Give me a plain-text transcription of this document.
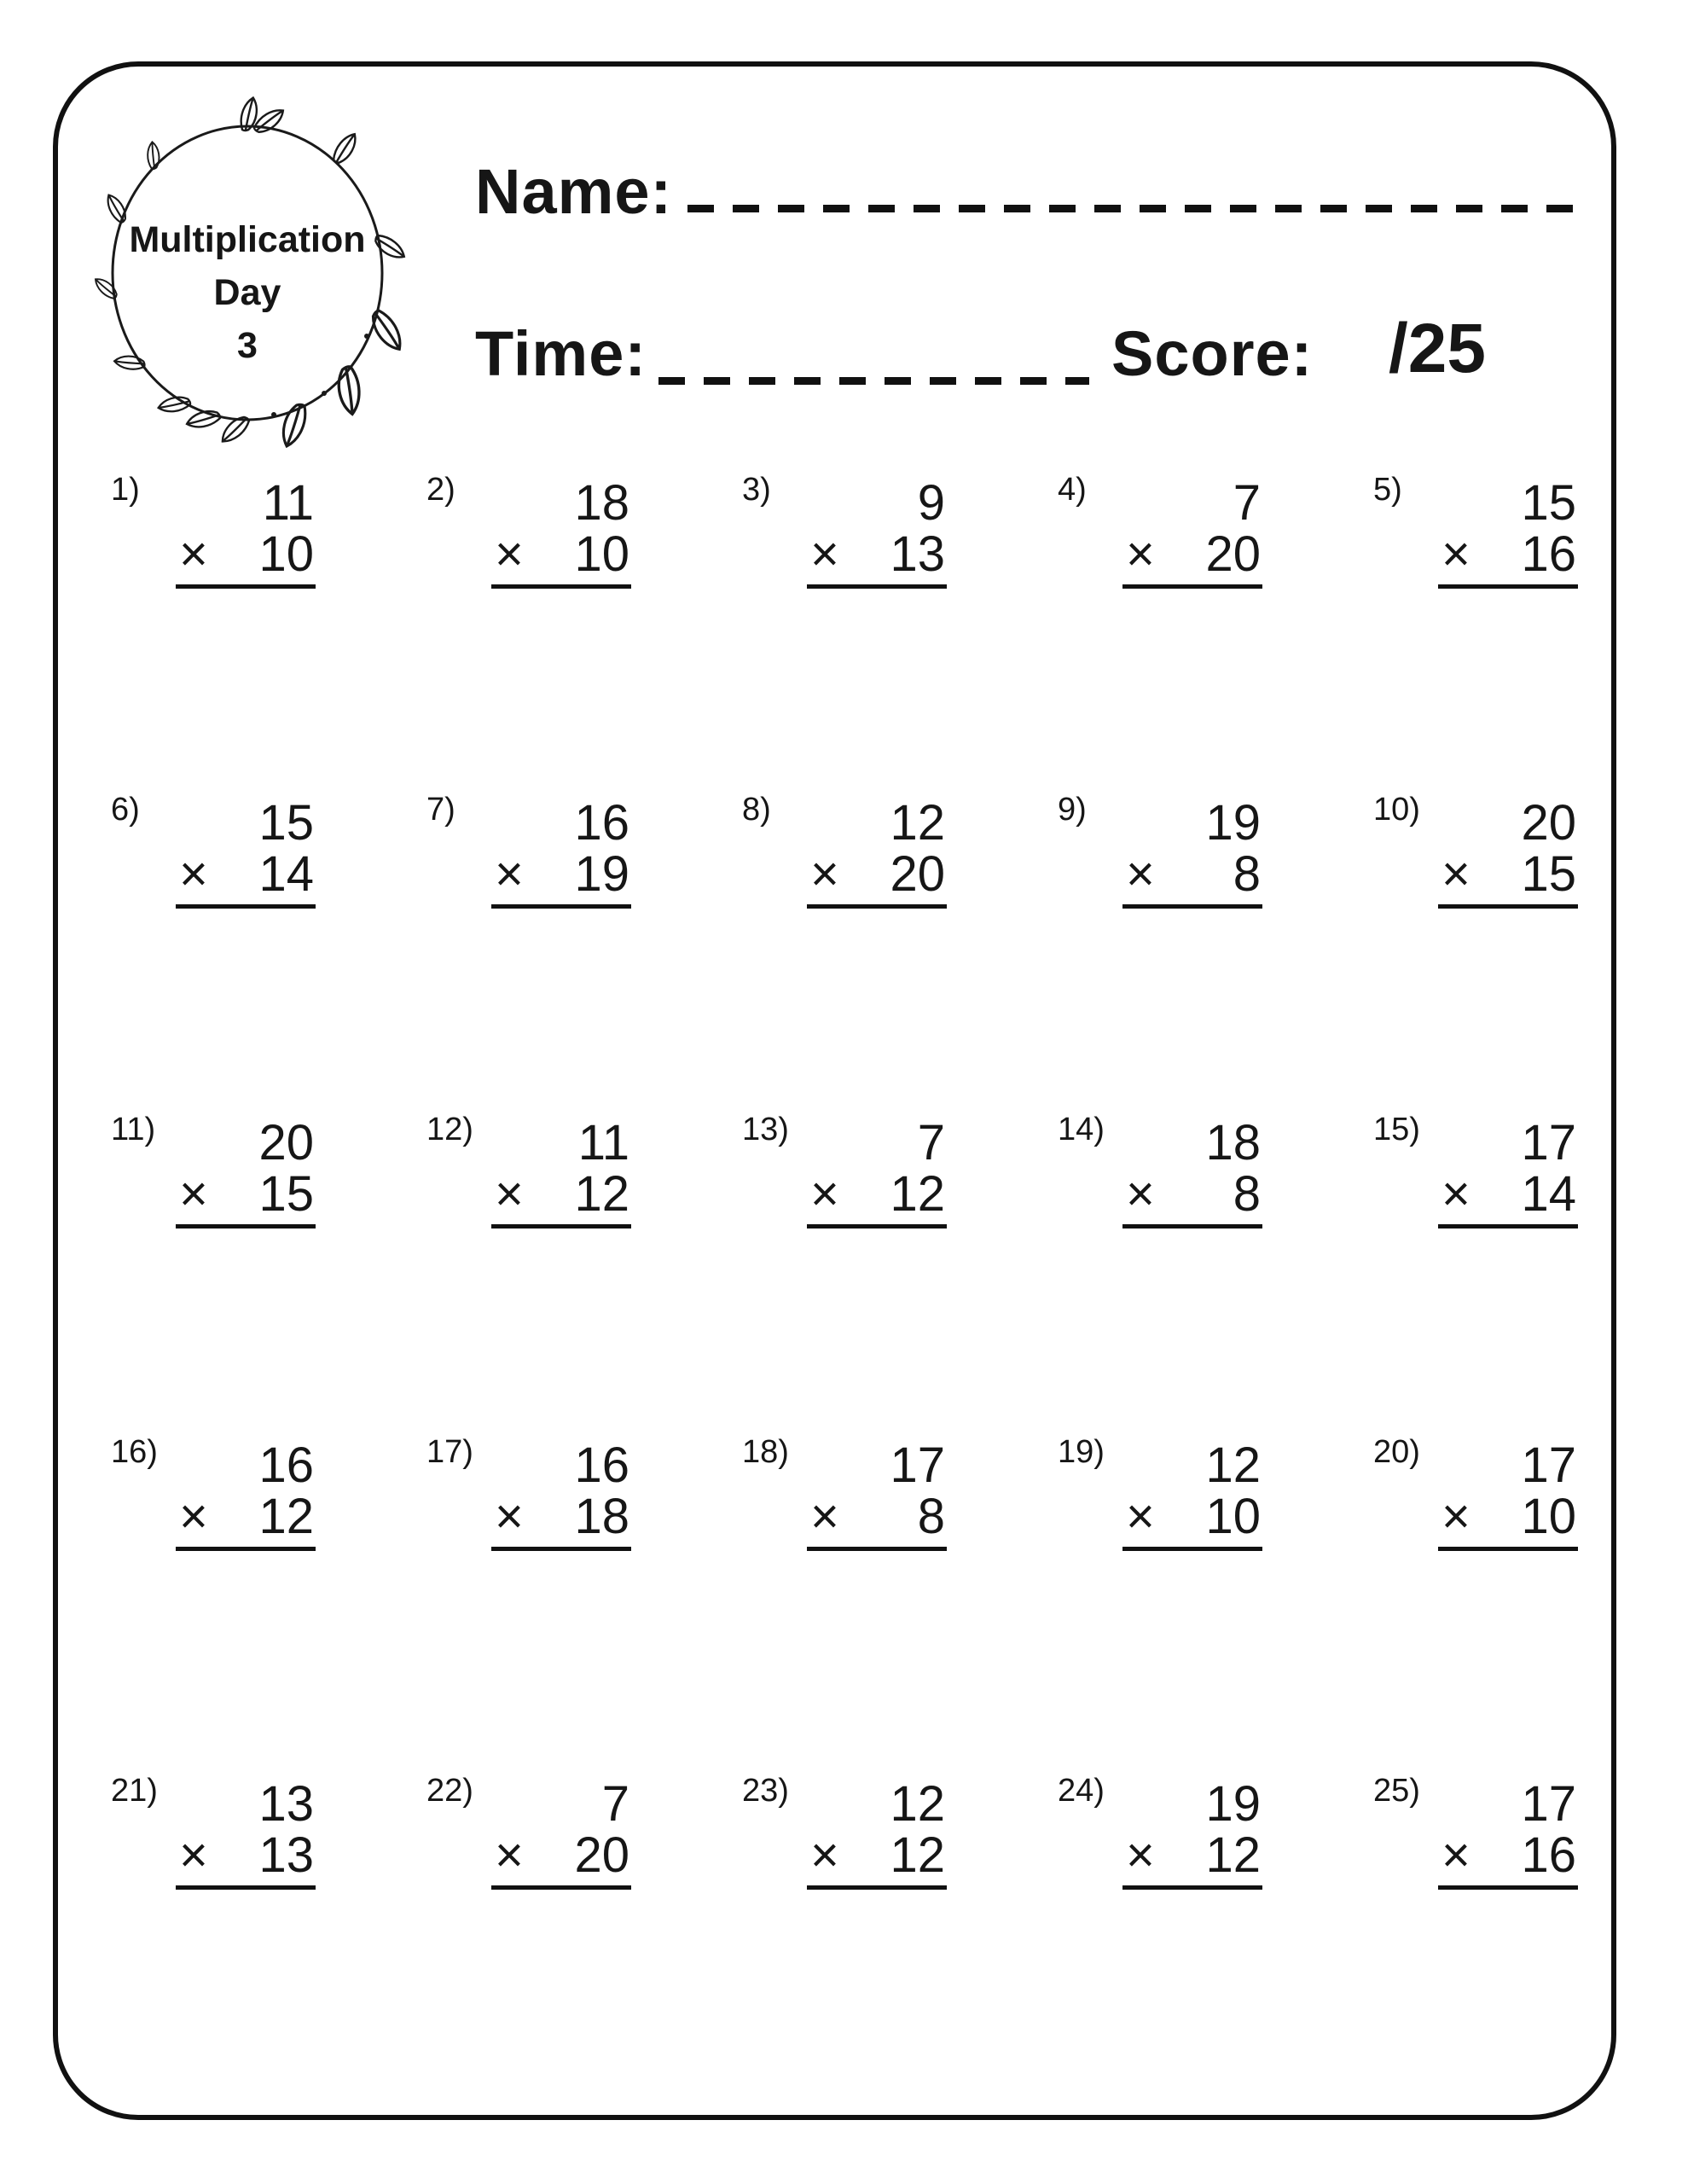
Multiplication
Day
3
Name:
Time:	Score: /25
1)	11
× 10
2)	18
× 10
3)	9
× 13
4)	7
× 20
5)	15
× 16
6)	15
× 14
7)	16
× 19
8)	12
× 20
9)	19
× 8
10)	20
× 15
11)	20
× 15
12)	11
× 12
13)	7
× 12
14)	18
× 8
15)	17
× 14
16)	16
× 12
17)	16
× 18
18)	17
× 8
19)	12
× 10
20)	17
× 10
21)	13
× 13
22)	7
× 20
23)	12
× 12
24)	19
× 12
25)	17
× 16
